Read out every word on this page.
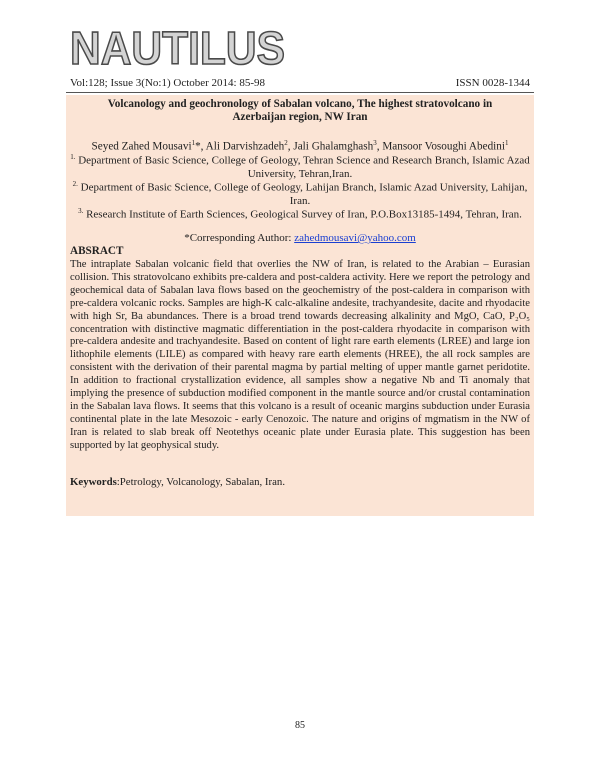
NAUTILUS
Vol:128; Issue 3(No:1) October 2014: 85-98	ISSN 0028-1344
Volcanology and geochronology of Sabalan volcano, The highest stratovolcano in
Azerbaijan region, NW Iran
Seyed Zahed Mousavi$^1$*, Ali Darvishzadeh$^2$, Jali Ghalamghash$^3$, Mansoor Vosoughi Abedini$^1$
$^{1.}$ Department of Basic Science, College of Geology, Tehran Science and Research Branch, Islamic Azad University, Tehran,Iran.
$^{2.}$ Department of Basic Science, College of Geology, Lahijan Branch, Islamic Azad University, Lahijan, Iran.
$^{3.}$ Research Institute of Earth Sciences, Geological Survey of Iran, P.O.Box13185-1494, Tehran, Iran.
*Corresponding Author: zahedmousavi@yahoo.com
ABSRACT
The intraplate Sabalan volcanic field that overlies the NW of Iran, is related to the Arabian – Eurasian collision. This stratovolcano exhibits pre-caldera and post-caldera activity. Here we report the petrology and geochemical data of Sabalan lava flows based on the geochemistry of the post-caldera in comparison with pre-caldera volcanic rocks. Samples are high-K calc-alkaline andesite, trachyandesite, dacite and rhyodacite with high Sr, Ba abundances. There is a broad trend towards decreasing alkalinity and MgO, CaO, P₂O₅ concentration with distinctive magmatic differentiation in the post-caldera rhyodacite in comparison with pre-caldera andesite and trachyandesite. Based on content of light rare earth elements (LREE) and large ion lithophile elements (LILE) as compared with heavy rare earth elements (HREE), the all rock samples are consistent with the derivation of their parental magma by partial melting of upper mantle garnet peridotite. In addition to fractional crystallization evidence, all samples show a negative Nb and Ti anomaly that implying the presence of subduction modified component in the mantle source and/or crustal contamination in the Sabalan lava flows. It seems that this volcano is a result of oceanic margins subduction under Eurasia continental plate in the late Mesozoic - early Cenozoic. The nature and origins of mgmatism in the NW of Iran is related to slab break off Neotethys oceanic plate under Eurasia plate. This suggestion has been supported by lat geophysical study.
Keywords:Petrology, Volcanology, Sabalan, Iran.
85
